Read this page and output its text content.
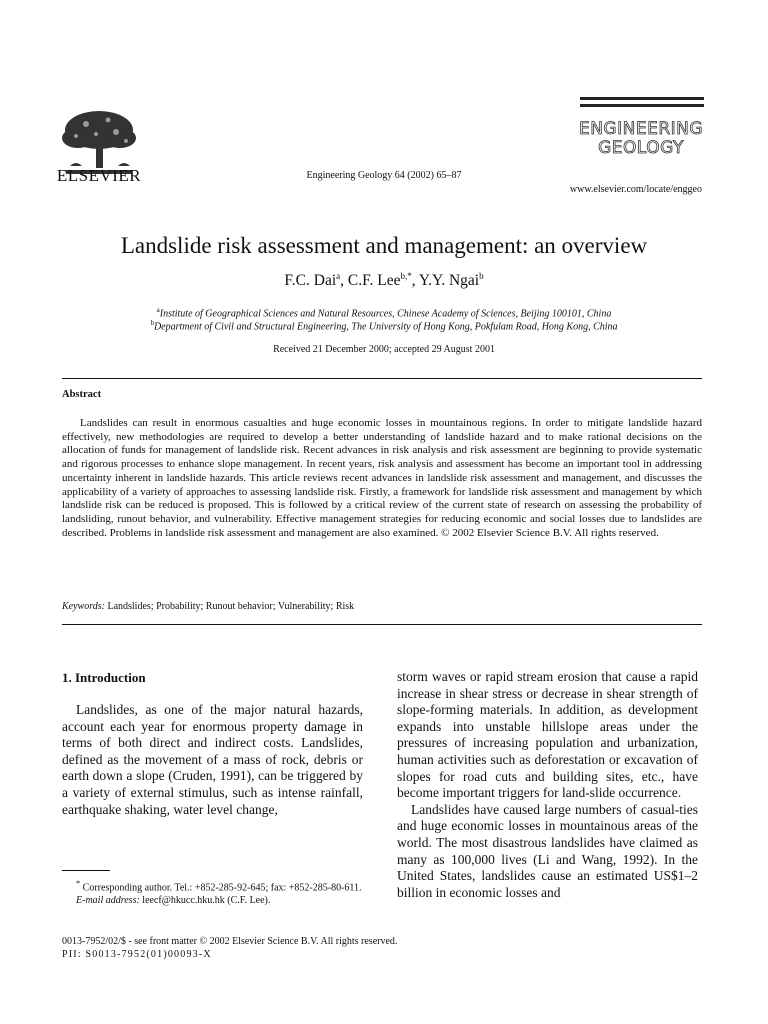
ELSEVIER	Engineering Geology 64 (2002) 65–87
ENGINEERING
GEOLOGY
www.elsevier.com/locate/enggeo
Landslide risk assessment and management: an overview
F.C. Dai$^a$, C.F. Lee$^{b,*}$, Y.Y. Ngai$^b$
$^a$Institute of Geographical Sciences and Natural Resources, Chinese Academy of Sciences, Beijing 100101, China
$^b$Department of Civil and Structural Engineering, The University of Hong Kong, Pokfulam Road, Hong Kong, China
Received 21 December 2000; accepted 29 August 2001
Abstract
Landslides can result in enormous casualties and huge economic losses in mountainous regions. In order to mitigate landslide hazard effectively, new methodologies are required to develop a better understanding of landslide hazard and to make rational decisions on the allocation of funds for management of landslide risk. Recent advances in risk analysis and risk assessment are beginning to provide systematic and rigorous processes to enhance slope management. In recent years, risk analysis and assessment has become an important tool in addressing uncertainty inherent in landslide hazards. This article reviews recent advances in landslide risk assessment and management, and discusses the applicability of a variety of approaches to assessing landslide risk. Firstly, a framework for landslide risk assessment and management by which landslide risk can be reduced is proposed. This is followed by a critical review of the current state of research on assessing the probability of landsliding, runout behavior, and vulnerability. Effective management strategies for reducing economic and social losses due to landslides are described. Problems in landslide risk assessment and management are also examined. © 2002 Elsevier Science B.V. All rights reserved.
Keywords: Landslides; Probability; Runout behavior; Vulnerability; Risk
1. Introduction

Landslides, as one of the major natural hazards, account each year for enormous property damage in terms of both direct and indirect costs. Landslides, defined as the movement of a mass of rock, debris or earth down a slope (Cruden, 1991), can be triggered by a variety of external stimulus, such as intense rainfall, earthquake shaking, water level change,

storm waves or rapid stream erosion that cause a rapid increase in shear stress or decrease in shear strength of slope-forming materials. In addition, as development expands into unstable hillslope areas under the pressures of increasing population and urbanization, human activities such as deforestation or excavation of slopes for road cuts and building sites, etc., have become important triggers for land-slide occurrence.

Landslides have caused large numbers of casual-ties and huge economic losses in mountainous areas of the world. The most disastrous landslides have claimed as many as 100,000 lives (Li and Wang, 1992). In the United States, landslides cause an estimated US$1–2 billion in economic losses and

* Corresponding author. Tel.: +852-285-92-645; fax: +852-285-80-611.
E-mail address: leecf@hkucc.hku.hk (C.F. Lee).
0013-7952/02/$ - see front matter © 2002 Elsevier Science B.V. All rights reserved.
PII: S0013-7952(01)00093-X
